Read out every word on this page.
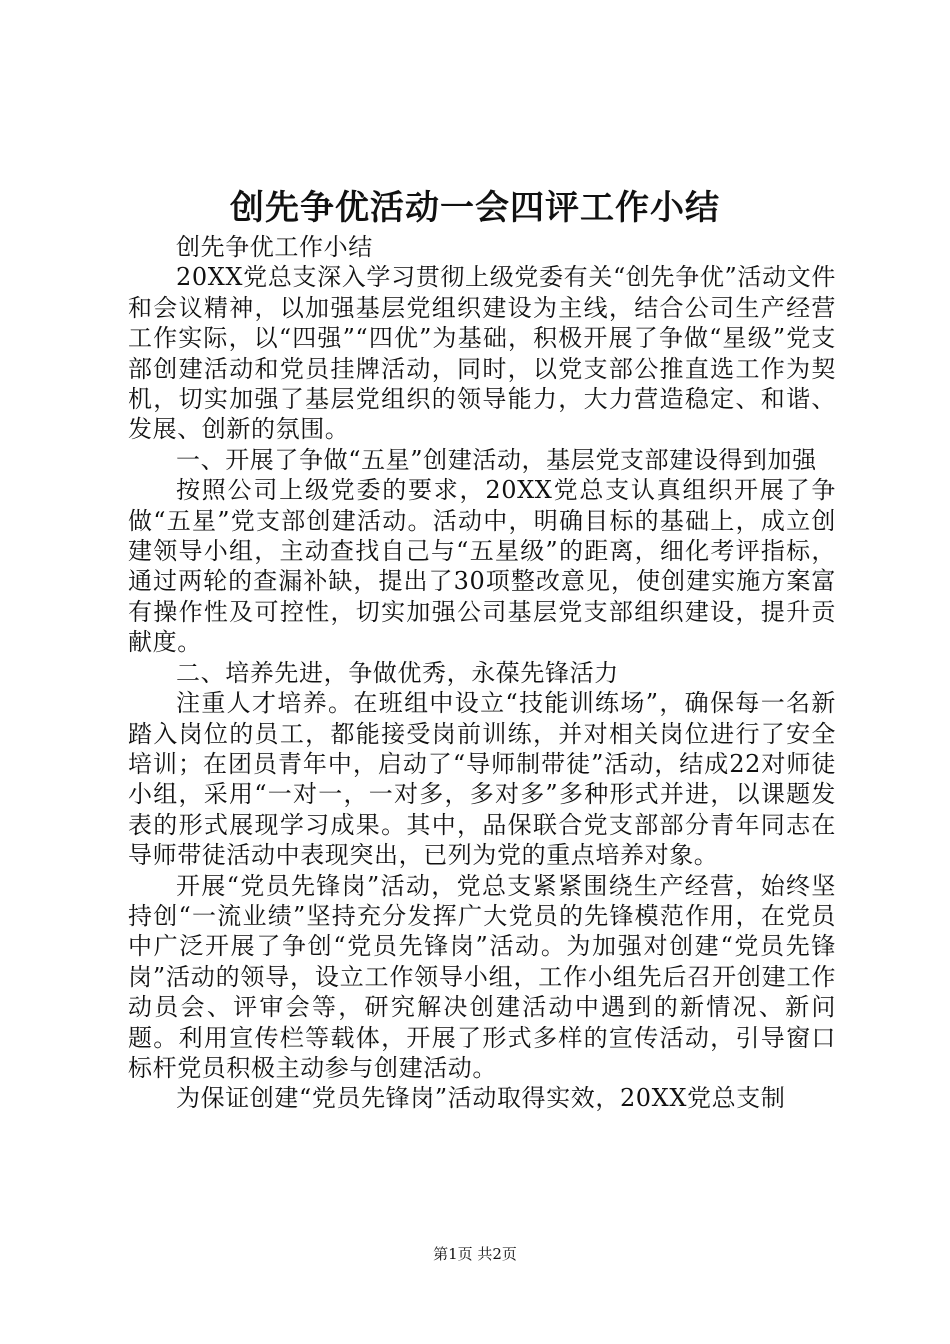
创先争优活动一会四评工作小结

创先争优工作小结

20XX党总支深入学习贯彻上级党委有关“创先争优”活动文件和会议精神，以加强基层党组织建设为主线，结合公司生产经营工作实际，以“四强”“四优”为基础，积极开展了争做“星级”党支部创建活动和党员挂牌活动，同时，以党支部公推直选工作为契机，切实加强了基层党组织的领导能力，大力营造稳定、和谐、发展、创新的氛围。

一、开展了争做“五星”创建活动，基层党支部建设得到加强

按照公司上级党委的要求，20XX党总支认真组织开展了争做“五星”党支部创建活动。活动中，明确目标的基础上，成立创建领导小组，主动查找自己与“五星级”的距离，细化考评指标，通过两轮的查漏补缺，提出了30项整改意见，使创建实施方案富有操作性及可控性，切实加强公司基层党支部组织建设，提升贡献度。

二、培养先进，争做优秀，永葆先锋活力

注重人才培养。在班组中设立“技能训练场”，确保每一名新踏入岗位的员工，都能接受岗前训练，并对相关岗位进行了安全培训；在团员青年中，启动了“导师制带徒”活动，结成22对师徒小组，采用“一对一，一对多，多对多”多种形式并进，以课题发表的形式展现学习成果。其中，品保联合党支部部分青年同志在导师带徒活动中表现突出，已列为党的重点培养对象。

开展“党员先锋岗”活动，党总支紧紧围绕生产经营，始终坚持创“一流业绩”坚持充分发挥广大党员的先锋模范作用，在党员中广泛开展了争创“党员先锋岗”活动。为加强对创建“党员先锋岗”活动的领导，设立工作领导小组，工作小组先后召开创建工作动员会、评审会等，研究解决创建活动中遇到的新情况、新问题。利用宣传栏等载体，开展了形式多样的宣传活动，引导窗口标杆党员积极主动参与创建活动。

为保证创建“党员先锋岗”活动取得实效，20XX党总支制

第1页 共2页
